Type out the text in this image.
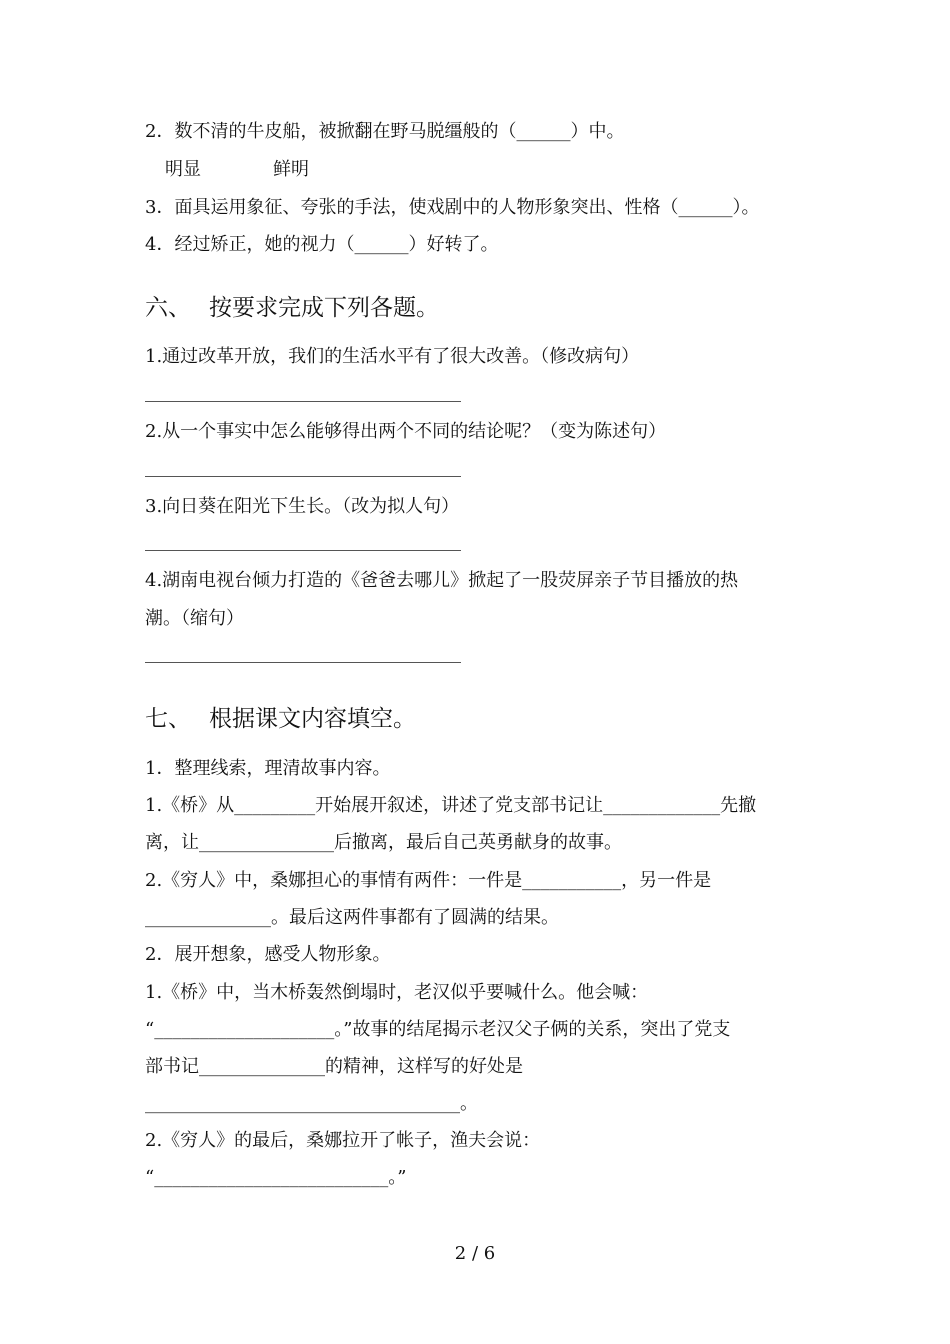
2．数不清的牛皮船，被掀翻在野马脱缰般的（______）中。
明显　　　　鲜明
3．面具运用象征、夸张的手法，使戏剧中的人物形象突出、性格（______）。
4．经过矫正，她的视力（______）好转了。
六、 按要求完成下列各题。
1.通过改革开放，我们的生活水平有了很大改善。（修改病句）
2.从一个事实中怎么能够得出两个不同的结论呢？（变为陈述句）
3.向日葵在阳光下生长。（改为拟人句）
4.湖南电视台倾力打造的《爸爸去哪儿》掀起了一股荧屏亲子节目播放的热
潮。（缩句）
七、 根据课文内容填空。
1．整理线索，理清故事内容。
1.《桥》从_________开始展开叙述，讲述了党支部书记让_____________先撤
离，让_______________后撤离，最后自己英勇献身的故事。
2.《穷人》中，桑娜担心的事情有两件：一件是___________，另一件是
______________。最后这两件事都有了圆满的结果。
2．展开想象，感受人物形象。
1.《桥》中，当木桥轰然倒塌时，老汉似乎要喊什么。他会喊：
“____________________。”故事的结尾揭示老汉父子俩的关系，突出了党支
部书记______________的精神，这样写的好处是
___________________________________。
2.《穷人》的最后，桑娜拉开了帐子，渔夫会说：
“__________________________。”
2 / 6
